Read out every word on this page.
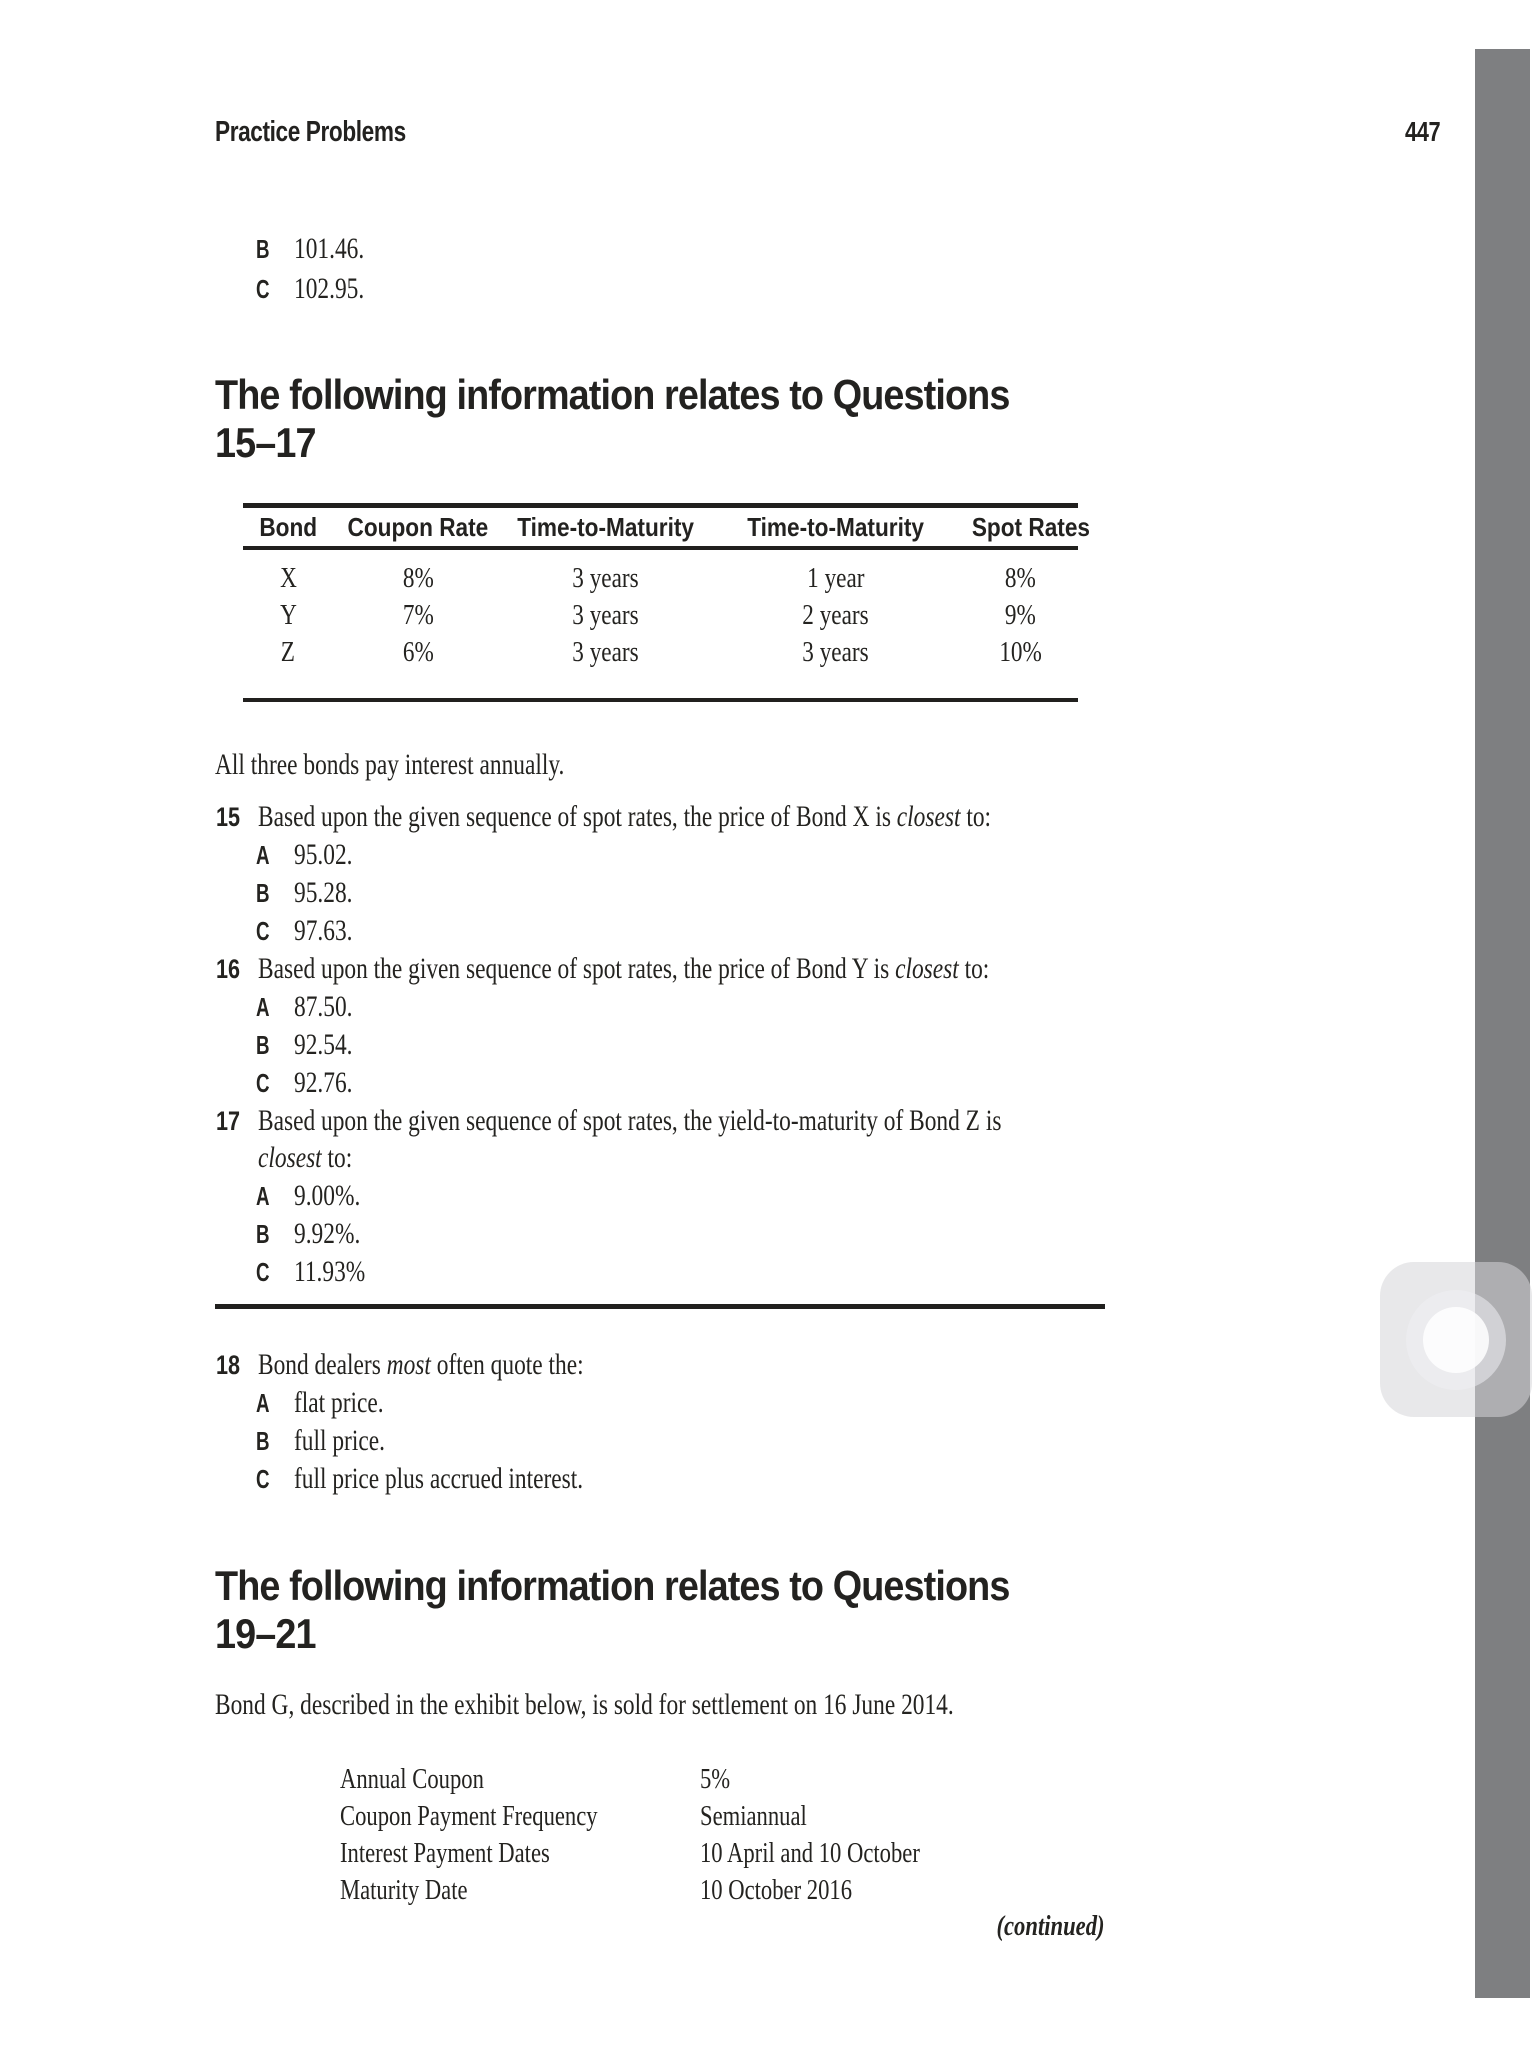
Practice Problems	447
B 101.46.
C 102.95.
The following information relates to Questions
15–17
Bond	Coupon Rate	Time-to-Maturity	Time-to-Maturity	Spot Rates
X	8%	3 years	1 year	8%
Y	7%	3 years	2 years	9%
Z	6%	3 years	3 years	10%
All three bonds pay interest annually.
15 Based upon the given sequence of spot rates, the price of Bond X is closest to:
A 95.02.
B 95.28.
C 97.63.
16 Based upon the given sequence of spot rates, the price of Bond Y is closest to:
A 87.50.
B 92.54.
C 92.76.
17 Based upon the given sequence of spot rates, the yield-to-maturity of Bond Z is
closest to:
A 9.00%.
B 9.92%.
C 11.93%
18 Bond dealers most often quote the:
A flat price.
B full price.
C full price plus accrued interest.
The following information relates to Questions
19–21
Bond G, described in the exhibit below, is sold for settlement on 16 June 2014.
Annual Coupon	5%
Coupon Payment Frequency	Semiannual
Interest Payment Dates	10 April and 10 October
Maturity Date	10 October 2016
(continued)
